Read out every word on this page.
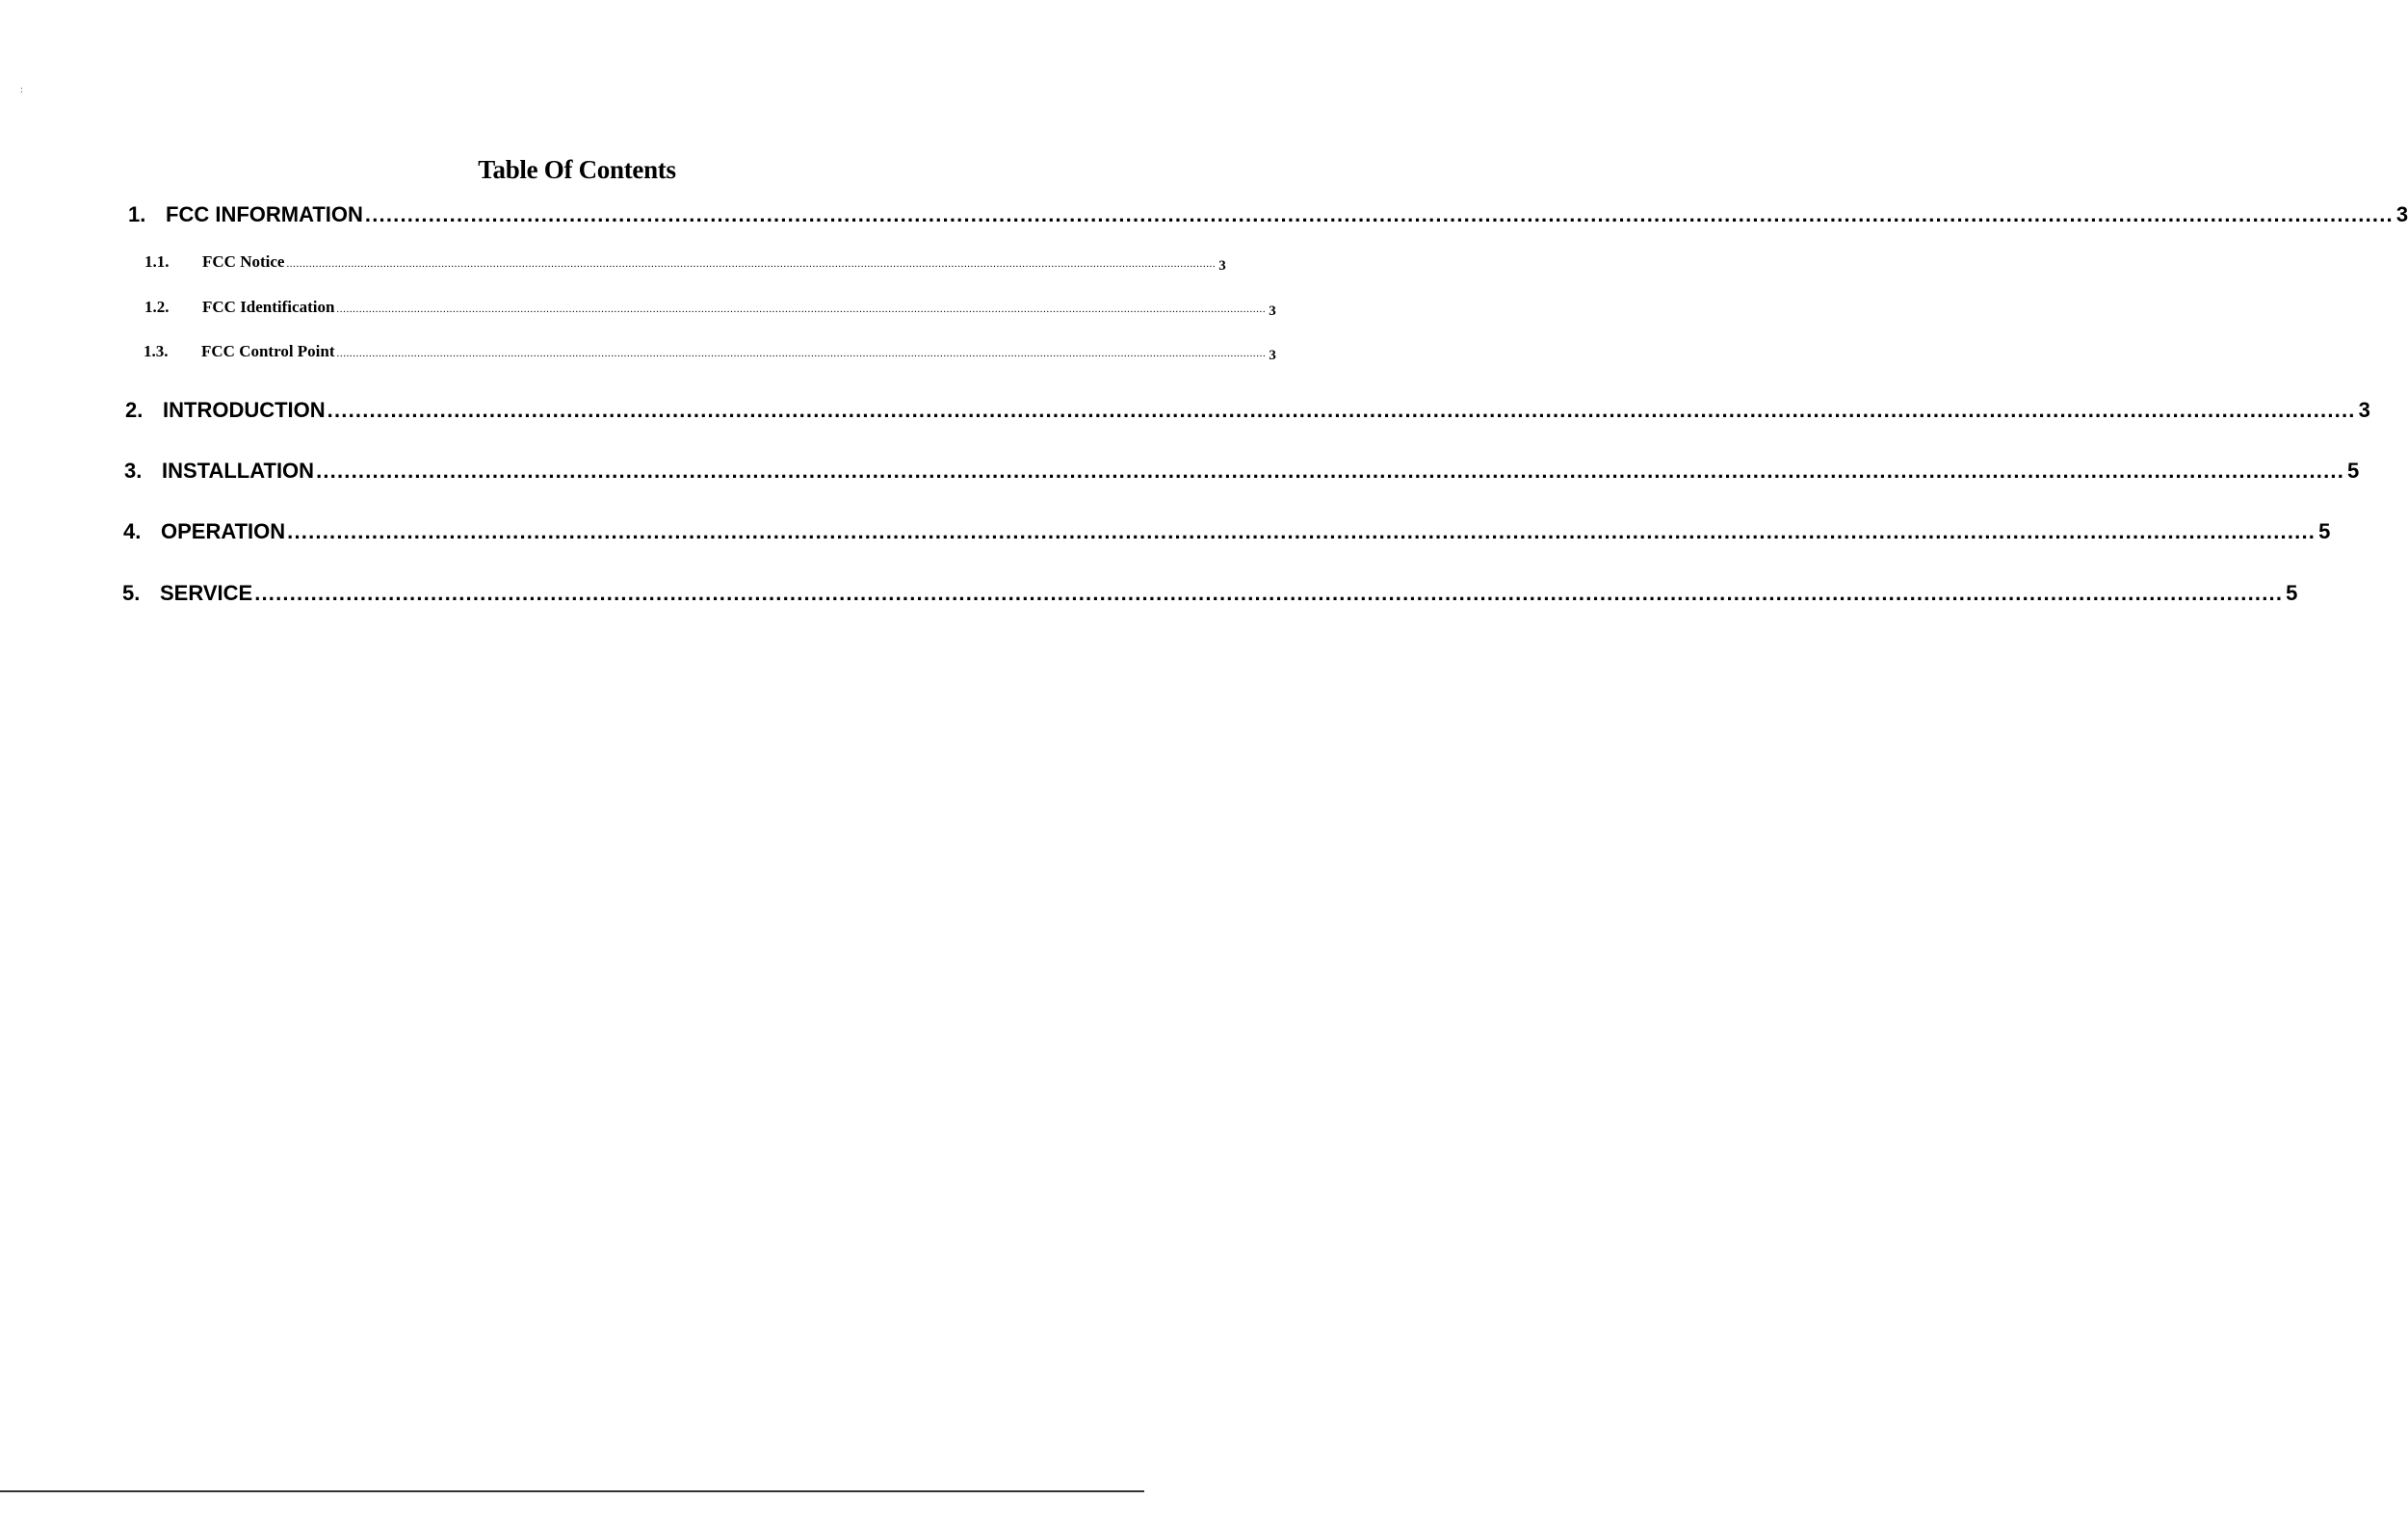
:
Table Of Contents
1. FCC INFORMATION ................................................................................................................................................................................................................................................................................................ 3
1.1.	FCC Notice ................................................................................................................................................................................................................................................................................................ 3
1.2.	FCC Identification ................................................................................................................................................................................................................................................................................................ 3
1.3.	FCC Control Point ................................................................................................................................................................................................................................................................................................ 3
2. INTRODUCTION ................................................................................................................................................................................................................................................................................................ 3
3. INSTALLATION ................................................................................................................................................................................................................................................................................................ 5
4. OPERATION ................................................................................................................................................................................................................................................................................................ 5
5. SERVICE ................................................................................................................................................................................................................................................................................................ 5
